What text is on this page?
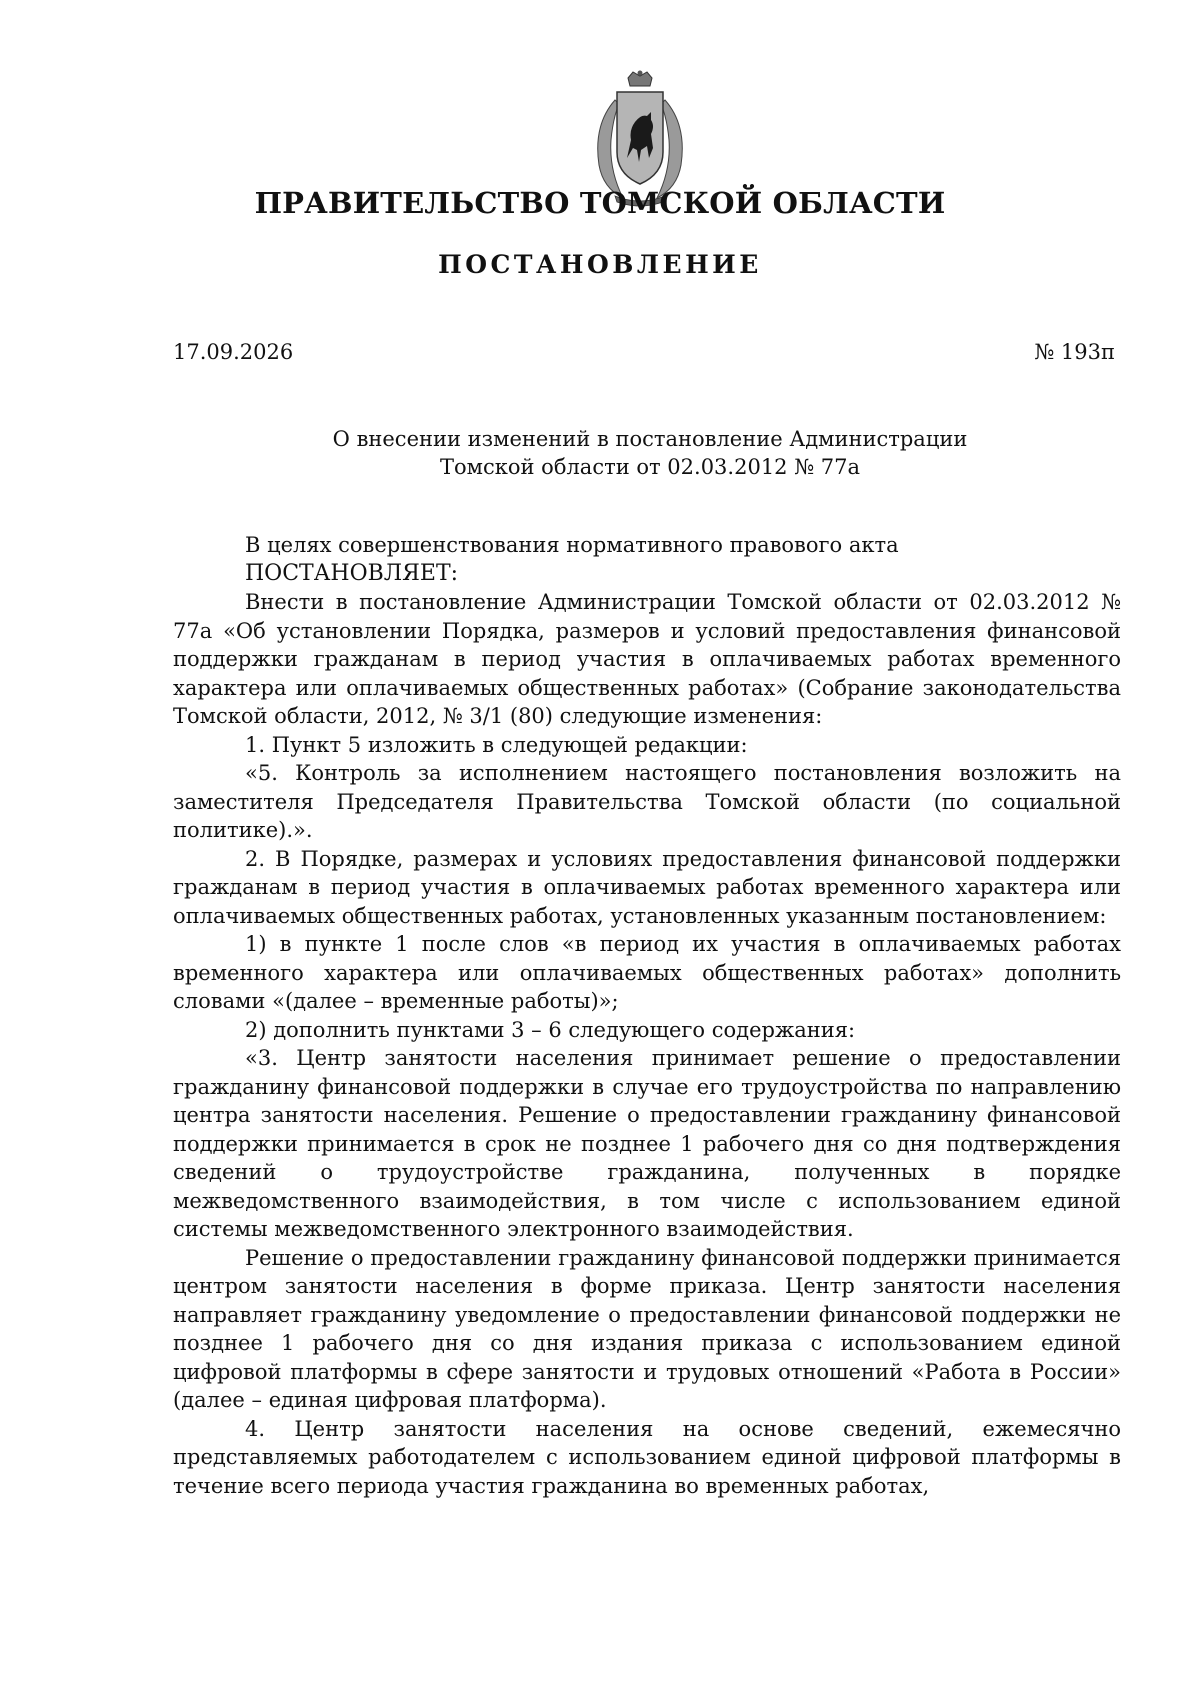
ПРАВИТЕЛЬСТВО ТОМСКОЙ ОБЛАСТИ
ПОСТАНОВЛЕНИЕ
17.09.2026	№ 193п
О внесении изменений в постановление Администрации
Томской области от 02.03.2012 № 77а

В целях совершенствования нормативного правового акта

ПОСТАНОВЛЯЕТ:

Внести в постановление Администрации Томской области от 02.03.2012 № 77а «Об установлении Порядка, размеров и условий предоставления финансовой поддержки гражданам в период участия в оплачиваемых работах временного характера или оплачиваемых общественных работах» (Собрание законодательства Томской области, 2012, № 3/1 (80) следующие изменения:

1. Пункт 5 изложить в следующей редакции:

«5. Контроль за исполнением настоящего постановления возложить на заместителя Председателя Правительства Томской области (по социальной политике).».

2. В Порядке, размерах и условиях предоставления финансовой поддержки гражданам в период участия в оплачиваемых работах временного характера или оплачиваемых общественных работах, установленных указанным постановлением:

1) в пункте 1 после слов «в период их участия в оплачиваемых работах временного характера или оплачиваемых общественных работах» дополнить словами «(далее – временные работы)»;

2) дополнить пунктами 3 – 6 следующего содержания:

«3. Центр занятости населения принимает решение о предоставлении гражданину финансовой поддержки в случае его трудоустройства по направлению центра занятости населения. Решение о предоставлении гражданину финансовой поддержки принимается в срок не позднее 1 рабочего дня со дня подтверждения сведений о трудоустройстве гражданина, полученных в порядке межведомственного взаимодействия, в том числе с использованием единой системы межведомственного электронного взаимодействия.

Решение о предоставлении гражданину финансовой поддержки принимается центром занятости населения в форме приказа. Центр занятости населения направляет гражданину уведомление о предоставлении финансовой поддержки не позднее 1 рабочего дня со дня издания приказа с использованием единой цифровой платформы в сфере занятости и трудовых отношений «Работа в России» (далее – единая цифровая платформа).

4. Центр занятости населения на основе сведений, ежемесячно представляемых работодателем с использованием единой цифровой платформы в течение всего периода участия гражданина во временных работах,
